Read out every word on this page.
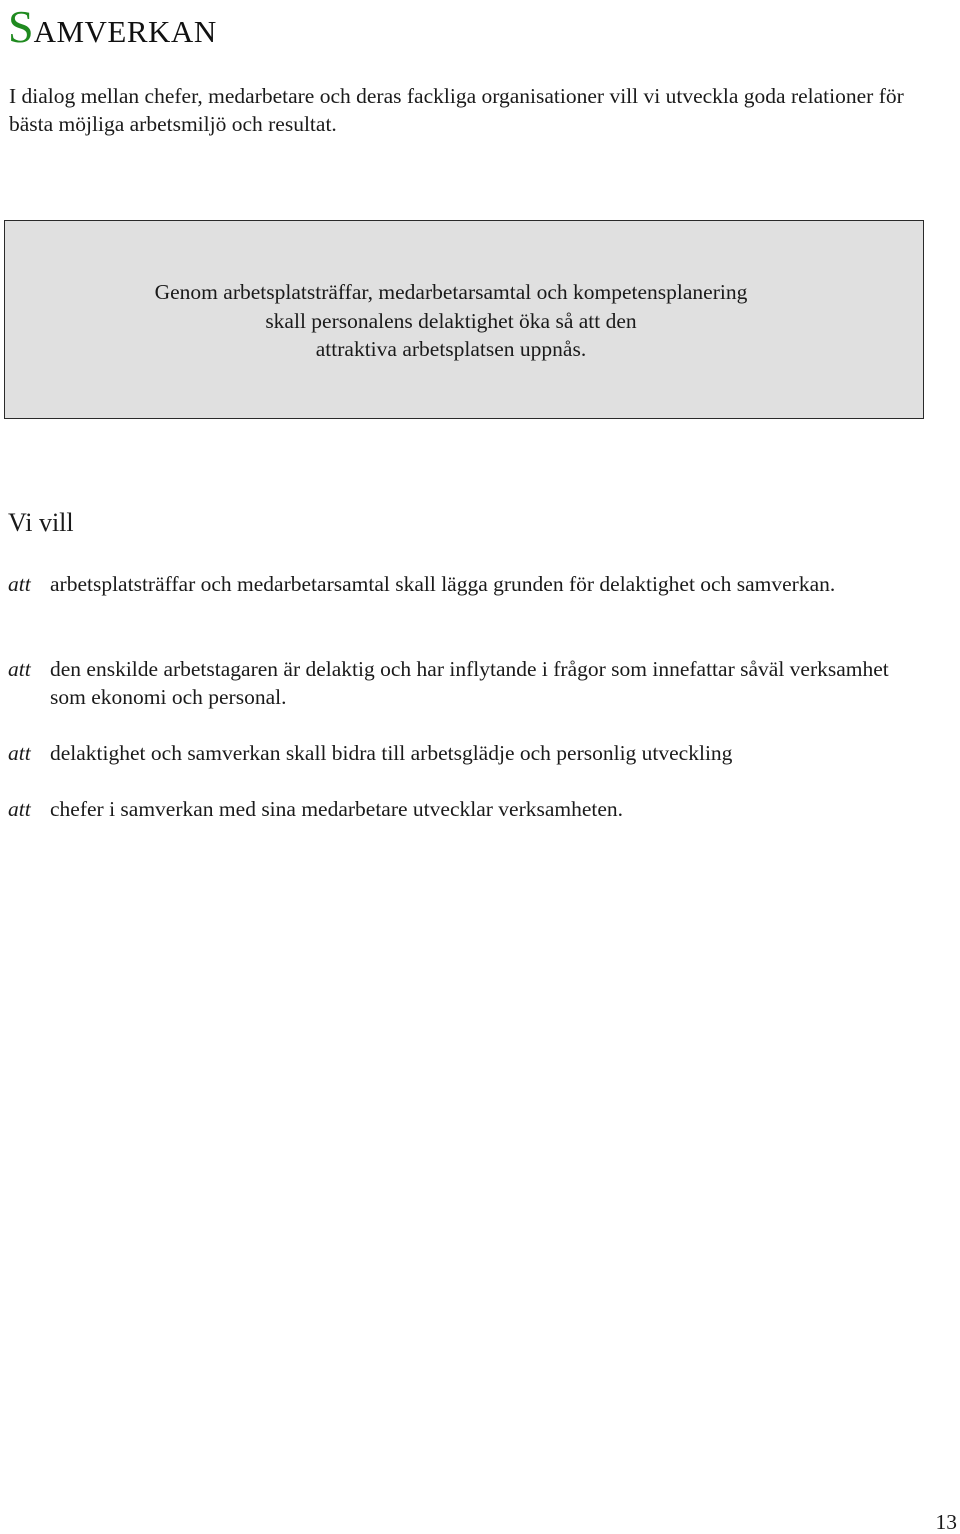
SAMVERKAN

I dialog mellan chefer, medarbetare och deras fackliga organisationer vill vi utveckla goda relationer för bästa möjliga arbetsmiljö och resultat.

Genom arbetsplatsträffar, medarbetarsamtal och kompetensplanering
skall personalens delaktighet öka så att den
attraktiva arbetsplatsen uppnås.

Vi vill
att arbetsplatsträffar och medarbetarsamtal skall lägga grunden för delaktighet och samverkan.
att den enskilde arbetstagaren är delaktig och har inflytande i frågor som innefattar såväl verksamhet som ekonomi och personal.
att delaktighet och samverkan skall bidra till arbetsglädje och personlig utveckling
att chefer i samverkan med sina medarbetare utvecklar verksamheten.
13
